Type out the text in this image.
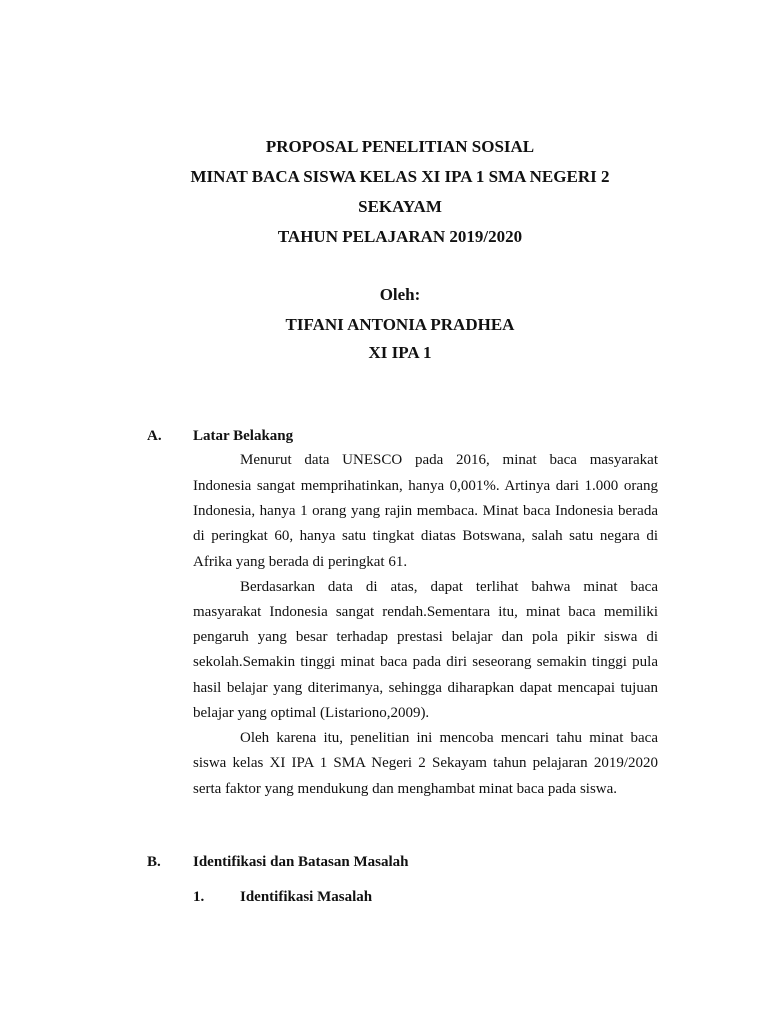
PROPOSAL PENELITIAN SOSIAL
MINAT BACA SISWA KELAS XI IPA 1 SMA NEGERI 2
SEKAYAM
TAHUN PELAJARAN 2019/2020
Oleh:
TIFANI ANTONIA PRADHEA
XI IPA 1
A. Latar Belakang
Menurut data UNESCO pada 2016, minat baca masyarakat
Indonesia sangat memprihatinkan, hanya 0,001%. Artinya dari 1.000 orang
Indonesia, hanya 1 orang yang rajin membaca. Minat baca Indonesia berada
di peringkat 60, hanya satu tingkat diatas Botswana, salah satu negara di
Afrika yang berada di peringkat 61.
Berdasarkan data di atas, dapat terlihat bahwa minat baca
masyarakat Indonesia sangat rendah.Sementara itu, minat baca memiliki
pengaruh yang besar terhadap prestasi belajar dan pola pikir siswa di
sekolah.Semakin tinggi minat baca pada diri seseorang semakin tinggi pula
hasil belajar yang diterimanya, sehingga diharapkan dapat mencapai tujuan
belajar yang optimal (Listariono,2009).
Oleh karena itu, penelitian ini mencoba mencari tahu minat baca
siswa kelas XI IPA 1 SMA Negeri 2 Sekayam tahun pelajaran 2019/2020
serta faktor yang mendukung dan menghambat minat baca pada siswa.
B. Identifikasi dan Batasan Masalah
1. Identifikasi Masalah
